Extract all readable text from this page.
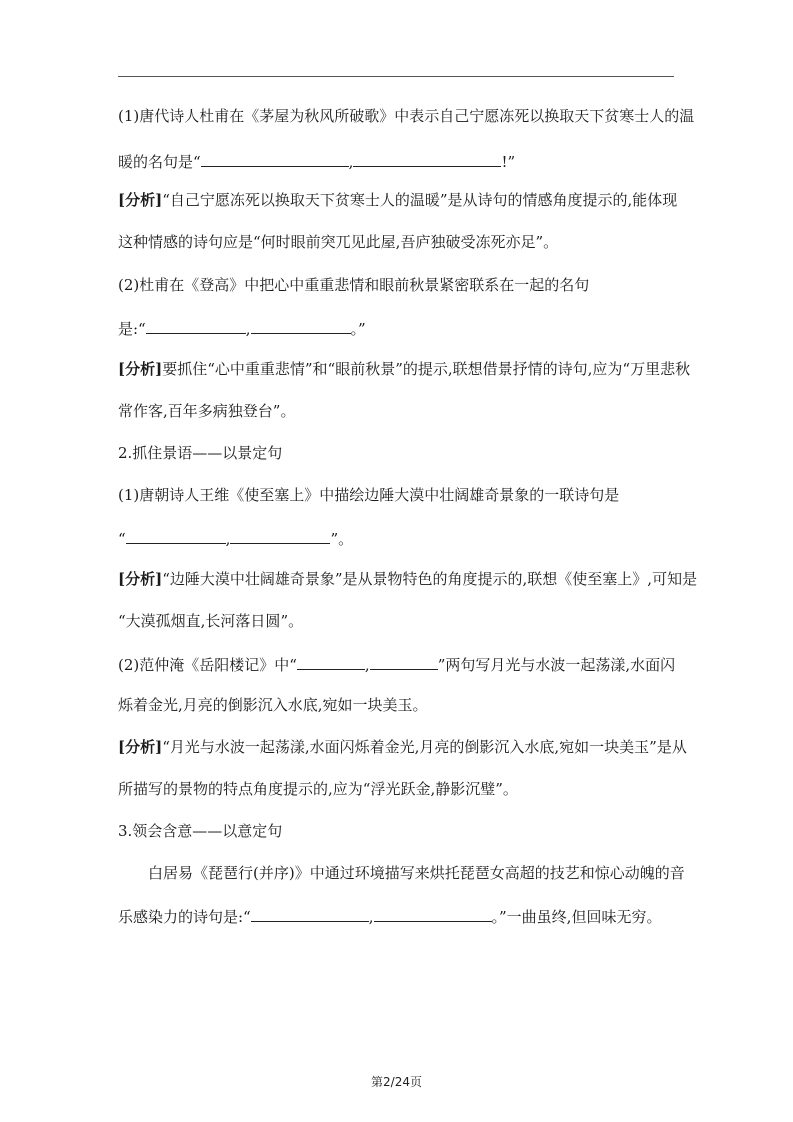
(1)唐代诗人杜甫在《茅屋为秋风所破歌》中表示自己宁愿冻死以换取天下贫寒士人的温
暖的名句是“	,	!”
[分析]“自己宁愿冻死以换取天下贫寒士人的温暖”是从诗句的情感角度提示的,能体现
这种情感的诗句应是“何时眼前突兀见此屋,吾庐独破受冻死亦足”。
(2)杜甫在《登高》中把心中重重悲情和眼前秋景紧密联系在一起的名句
是:“	,	。”
[分析]要抓住“心中重重悲情”和“眼前秋景”的提示,联想借景抒情的诗句,应为“万里悲秋
常作客,百年多病独登台”。
2.抓住景语——以景定句
(1)唐朝诗人王维《使至塞上》中描绘边陲大漠中壮阔雄奇景象的一联诗句是
“	,	”。
[分析]“边陲大漠中壮阔雄奇景象”是从景物特色的角度提示的,联想《使至塞上》,可知是
“大漠孤烟直,长河落日圆”。
(2)范仲淹《岳阳楼记》中“	,	”两句写月光与水波一起荡漾,水面闪
烁着金光,月亮的倒影沉入水底,宛如一块美玉。
[分析]“月光与水波一起荡漾,水面闪烁着金光,月亮的倒影沉入水底,宛如一块美玉”是从
所描写的景物的特点角度提示的,应为“浮光跃金,静影沉璧”。
3.领会含意——以意定句
白居易《琵琶行(并序)》中通过环境描写来烘托琵琶女高超的技艺和惊心动魄的音
乐感染力的诗句是:“	,	。”一曲虽终,但回味无穷。
第2/24页
